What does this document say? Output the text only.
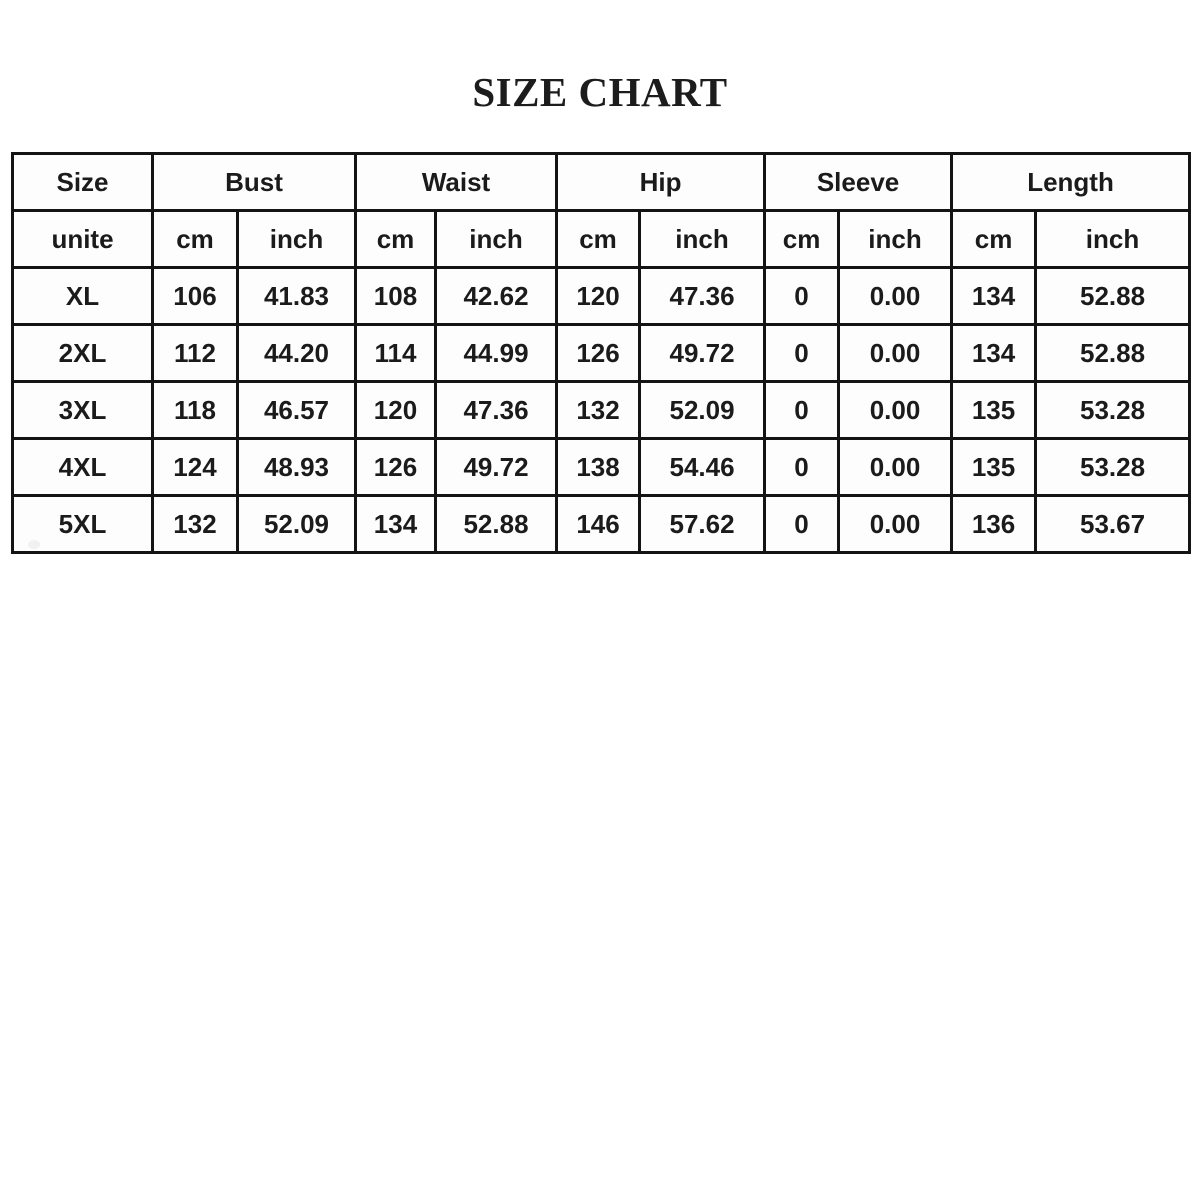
SIZE CHART
Size	Bust		Waist		Hip		Sleeve		Length	
unite	cm	inch	cm	inch	cm	inch	cm	inch	cm	inch
XL	106	41.83	108	42.62	120	47.36	0	0.00	134	52.88
2XL	112	44.20	114	44.99	126	49.72	0	0.00	134	52.88
3XL	118	46.57	120	47.36	132	52.09	0	0.00	135	53.28
4XL	124	48.93	126	49.72	138	54.46	0	0.00	135	53.28
5XL	132	52.09	134	52.88	146	57.62	0	0.00	136	53.67
